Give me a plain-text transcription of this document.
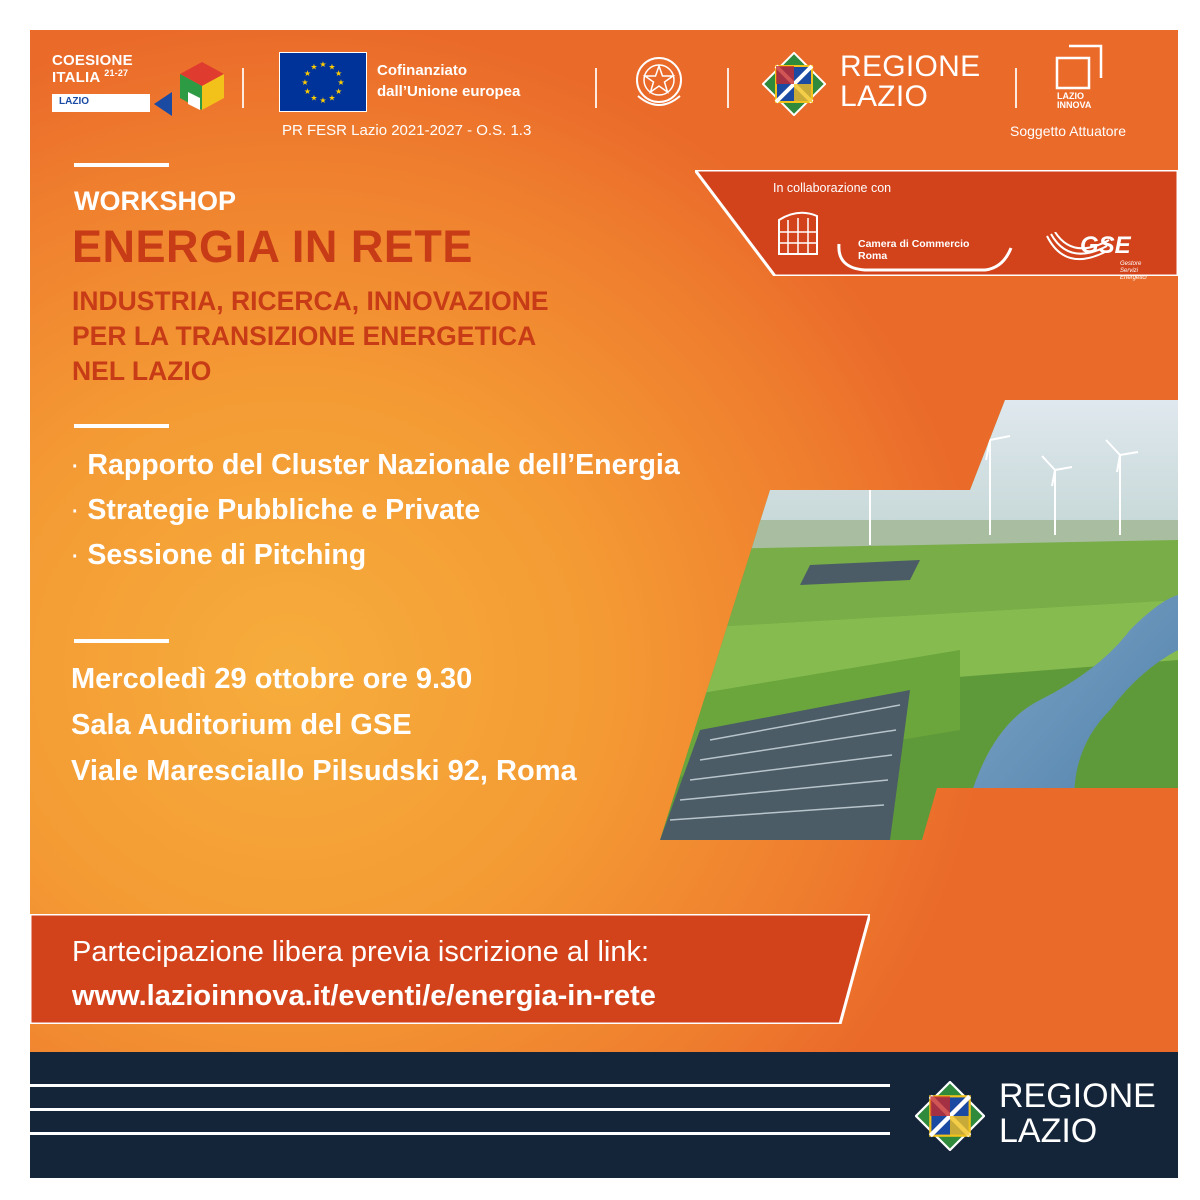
COESIONE
ITALIA $^{21-27}$
LAZIO
★
★
★
★
★
★
★
★
★ ★ ★
★ Cofinanziato
dall’Unione europea
PR FESR Lazio 2021-2027 - O.S. 1.3
REGIONE
LAZIO	LAZIO
INNOVA
Soggetto Attuatore
WORKSHOP
ENERGIA IN RETE
INDUSTRIA, RICERCA, INNOVAZIONE
PER LA TRANSIZIONE ENERGETICA
NEL LAZIO
· Rapporto del Cluster Nazionale dell’Energia
· Strategie Pubbliche e Private
· Sessione di Pitching
Mercoledì 29 ottobre ore 9.30
Sala Auditorium del GSE
Viale Maresciallo Pilsudski 92, Roma
In collaborazione con
Camera di Commercio
Roma	GSE
Gestore
Servizi
Energetici
Partecipazione libera previa iscrizione al link:
www.lazioinnova.it/eventi/e/energia-in-rete
REGIONE
LAZIO
